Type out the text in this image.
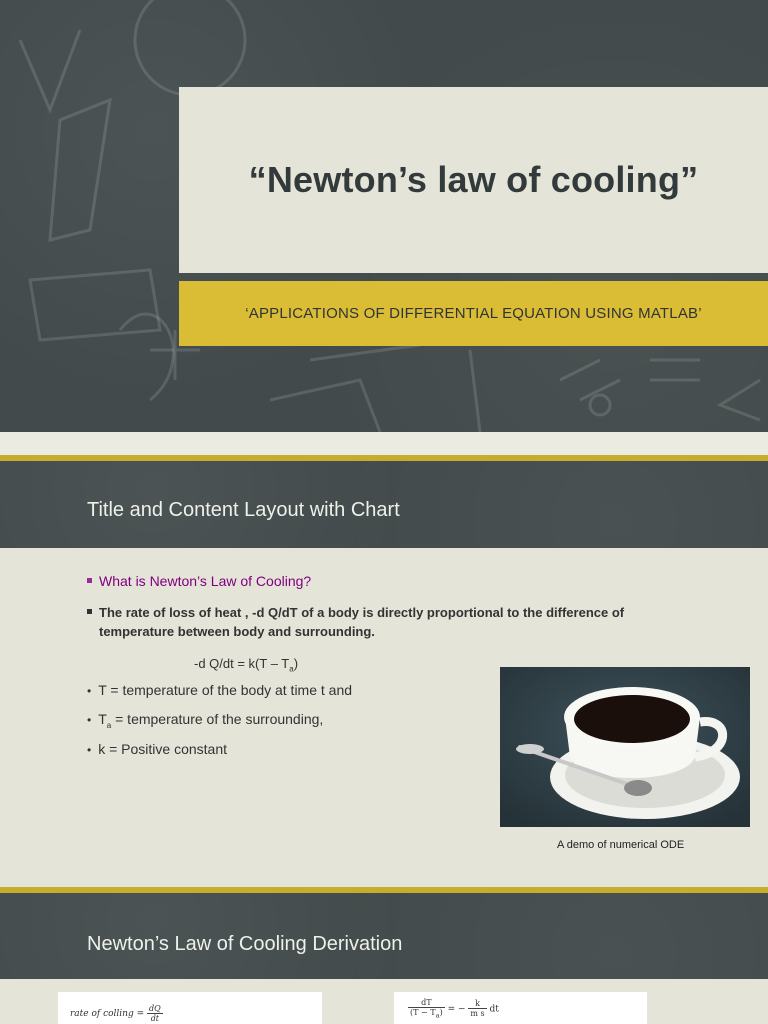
“Newton’s law of cooling”
‘APPLICATIONS OF DIFFERENTIAL EQUATION USING MATLAB’
Title and Content Layout with Chart
What is Newton’s Law of Cooling?
The rate of loss of heat , -d Q/dT of a body is directly proportional to the difference of
temperature between body and surrounding.
-d $Q/dt = k(T - T_a)$
• T = temperature of the body at time t and
• $T_a$ = temperature of the surrounding,
• k = Positive constant
A demo of numerical ODE
Newton’s Law of Cooling Derivation
rate of colling = $\frac{dQ}{dt}$	$\frac{dT}{(T - T_a)}$ = − $\frac{k}{\text{m s}}$ dt
